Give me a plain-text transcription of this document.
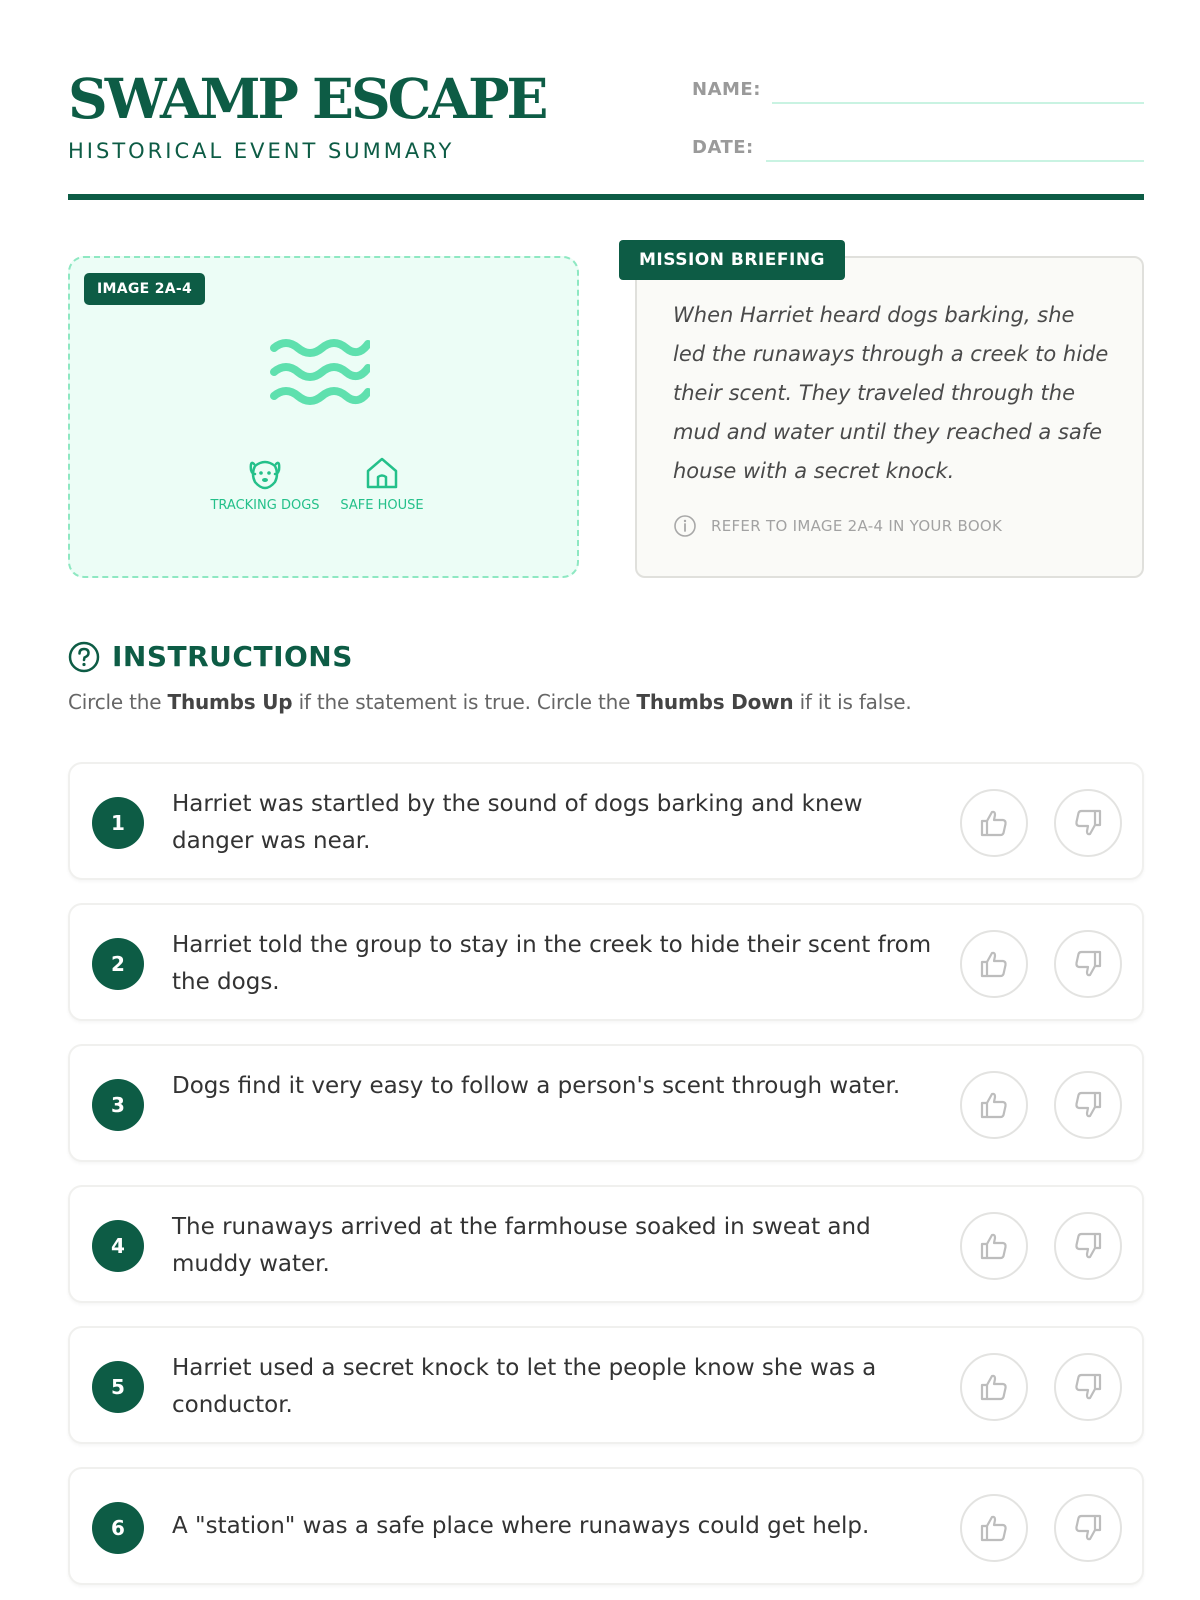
SWAMP ESCAPE
HISTORICAL EVENT SUMMARY
NAME:
DATE:
IMAGE 2A-4
TRACKING DOGS	SAFE HOUSE
MISSION BRIEFING
When Harriet heard dogs barking, she led the runaways through a creek to hide their scent. They traveled through the mud and water until they reached a safe house with a secret knock.
REFER TO IMAGE 2A-4 IN YOUR BOOK
INSTRUCTIONS
Circle the Thumbs Up if the statement is true. Circle the Thumbs Down if it is false.
1
Harriet was startled by the sound of dogs barking and knew danger was near.
2
Harriet told the group to stay in the creek to hide their scent from the dogs.
3
Dogs find it very easy to follow a person's scent through water.
4
The runaways arrived at the farmhouse soaked in sweat and muddy water.
5
Harriet used a secret knock to let the people know she was a conductor.
6	A "station" was a safe place where runaways could get help.
